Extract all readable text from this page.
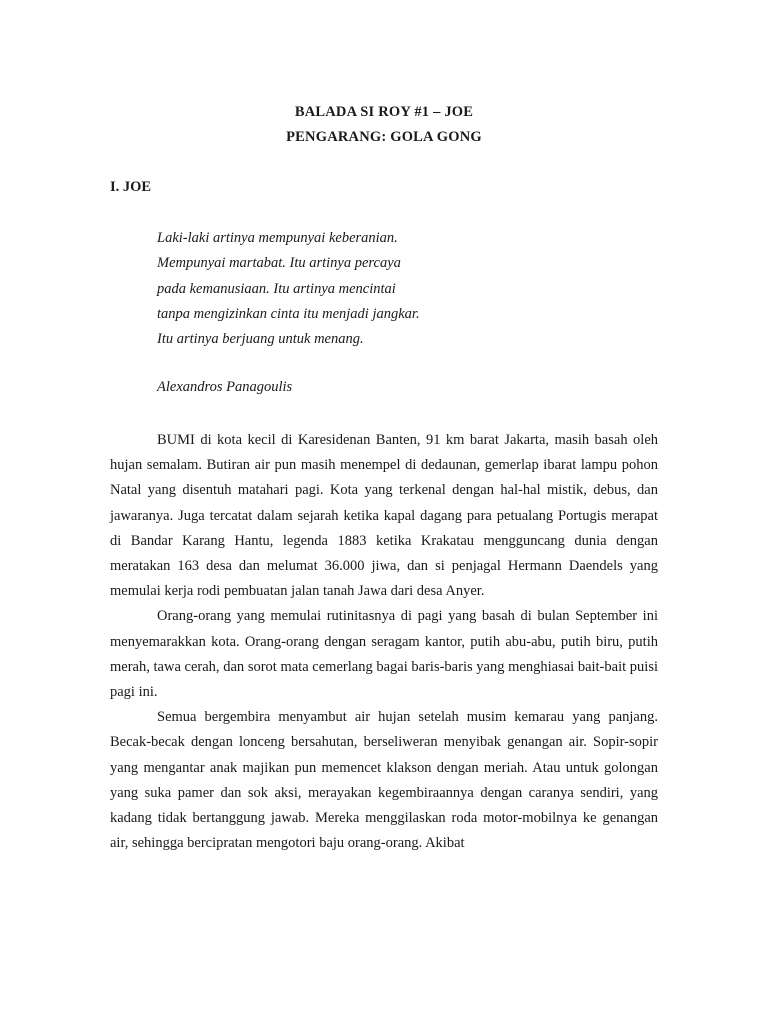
BALADA SI ROY #1 – JOE
PENGARANG: GOLA GONG
I. JOE
Laki-laki artinya mempunyai keberanian.
Mempunyai martabat. Itu artinya percaya
pada kemanusiaan. Itu artinya mencintai
tanpa mengizinkan cinta itu menjadi jangkar.
Itu artinya berjuang untuk menang.
Alexandros Panagoulis

BUMI di kota kecil di Karesidenan Banten, 91 km barat Jakarta, masih basah oleh hujan semalam. Butiran air pun masih menempel di dedaunan, gemerlap ibarat lampu pohon Natal yang disentuh matahari pagi. Kota yang terkenal dengan hal-hal mistik, debus, dan jawaranya. Juga tercatat dalam sejarah ketika kapal dagang para petualang Portugis merapat di Bandar Karang Hantu, legenda 1883 ketika Krakatau mengguncang dunia dengan meratakan 163 desa dan melumat 36.000 jiwa, dan si penjagal Hermann Daendels yang memulai kerja rodi pembuatan jalan tanah Jawa dari desa Anyer.

Orang-orang yang memulai rutinitasnya di pagi yang basah di bulan September ini menyemarakkan kota. Orang-orang dengan seragam kantor, putih abu-abu, putih biru, putih merah, tawa cerah, dan sorot mata cemerlang bagai baris-baris yang menghiasai bait-bait puisi pagi ini.

Semua bergembira menyambut air hujan setelah musim kemarau yang panjang. Becak-becak dengan lonceng bersahutan, berseliweran menyibak genangan air. Sopir-sopir yang mengantar anak majikan pun memencet klakson dengan meriah. Atau untuk golongan yang suka pamer dan sok aksi, merayakan kegembiraannya dengan caranya sendiri, yang kadang tidak bertanggung jawab. Mereka menggilaskan roda motor-mobilnya ke genangan air, sehingga bercipratan mengotori baju orang-orang. Akibat
